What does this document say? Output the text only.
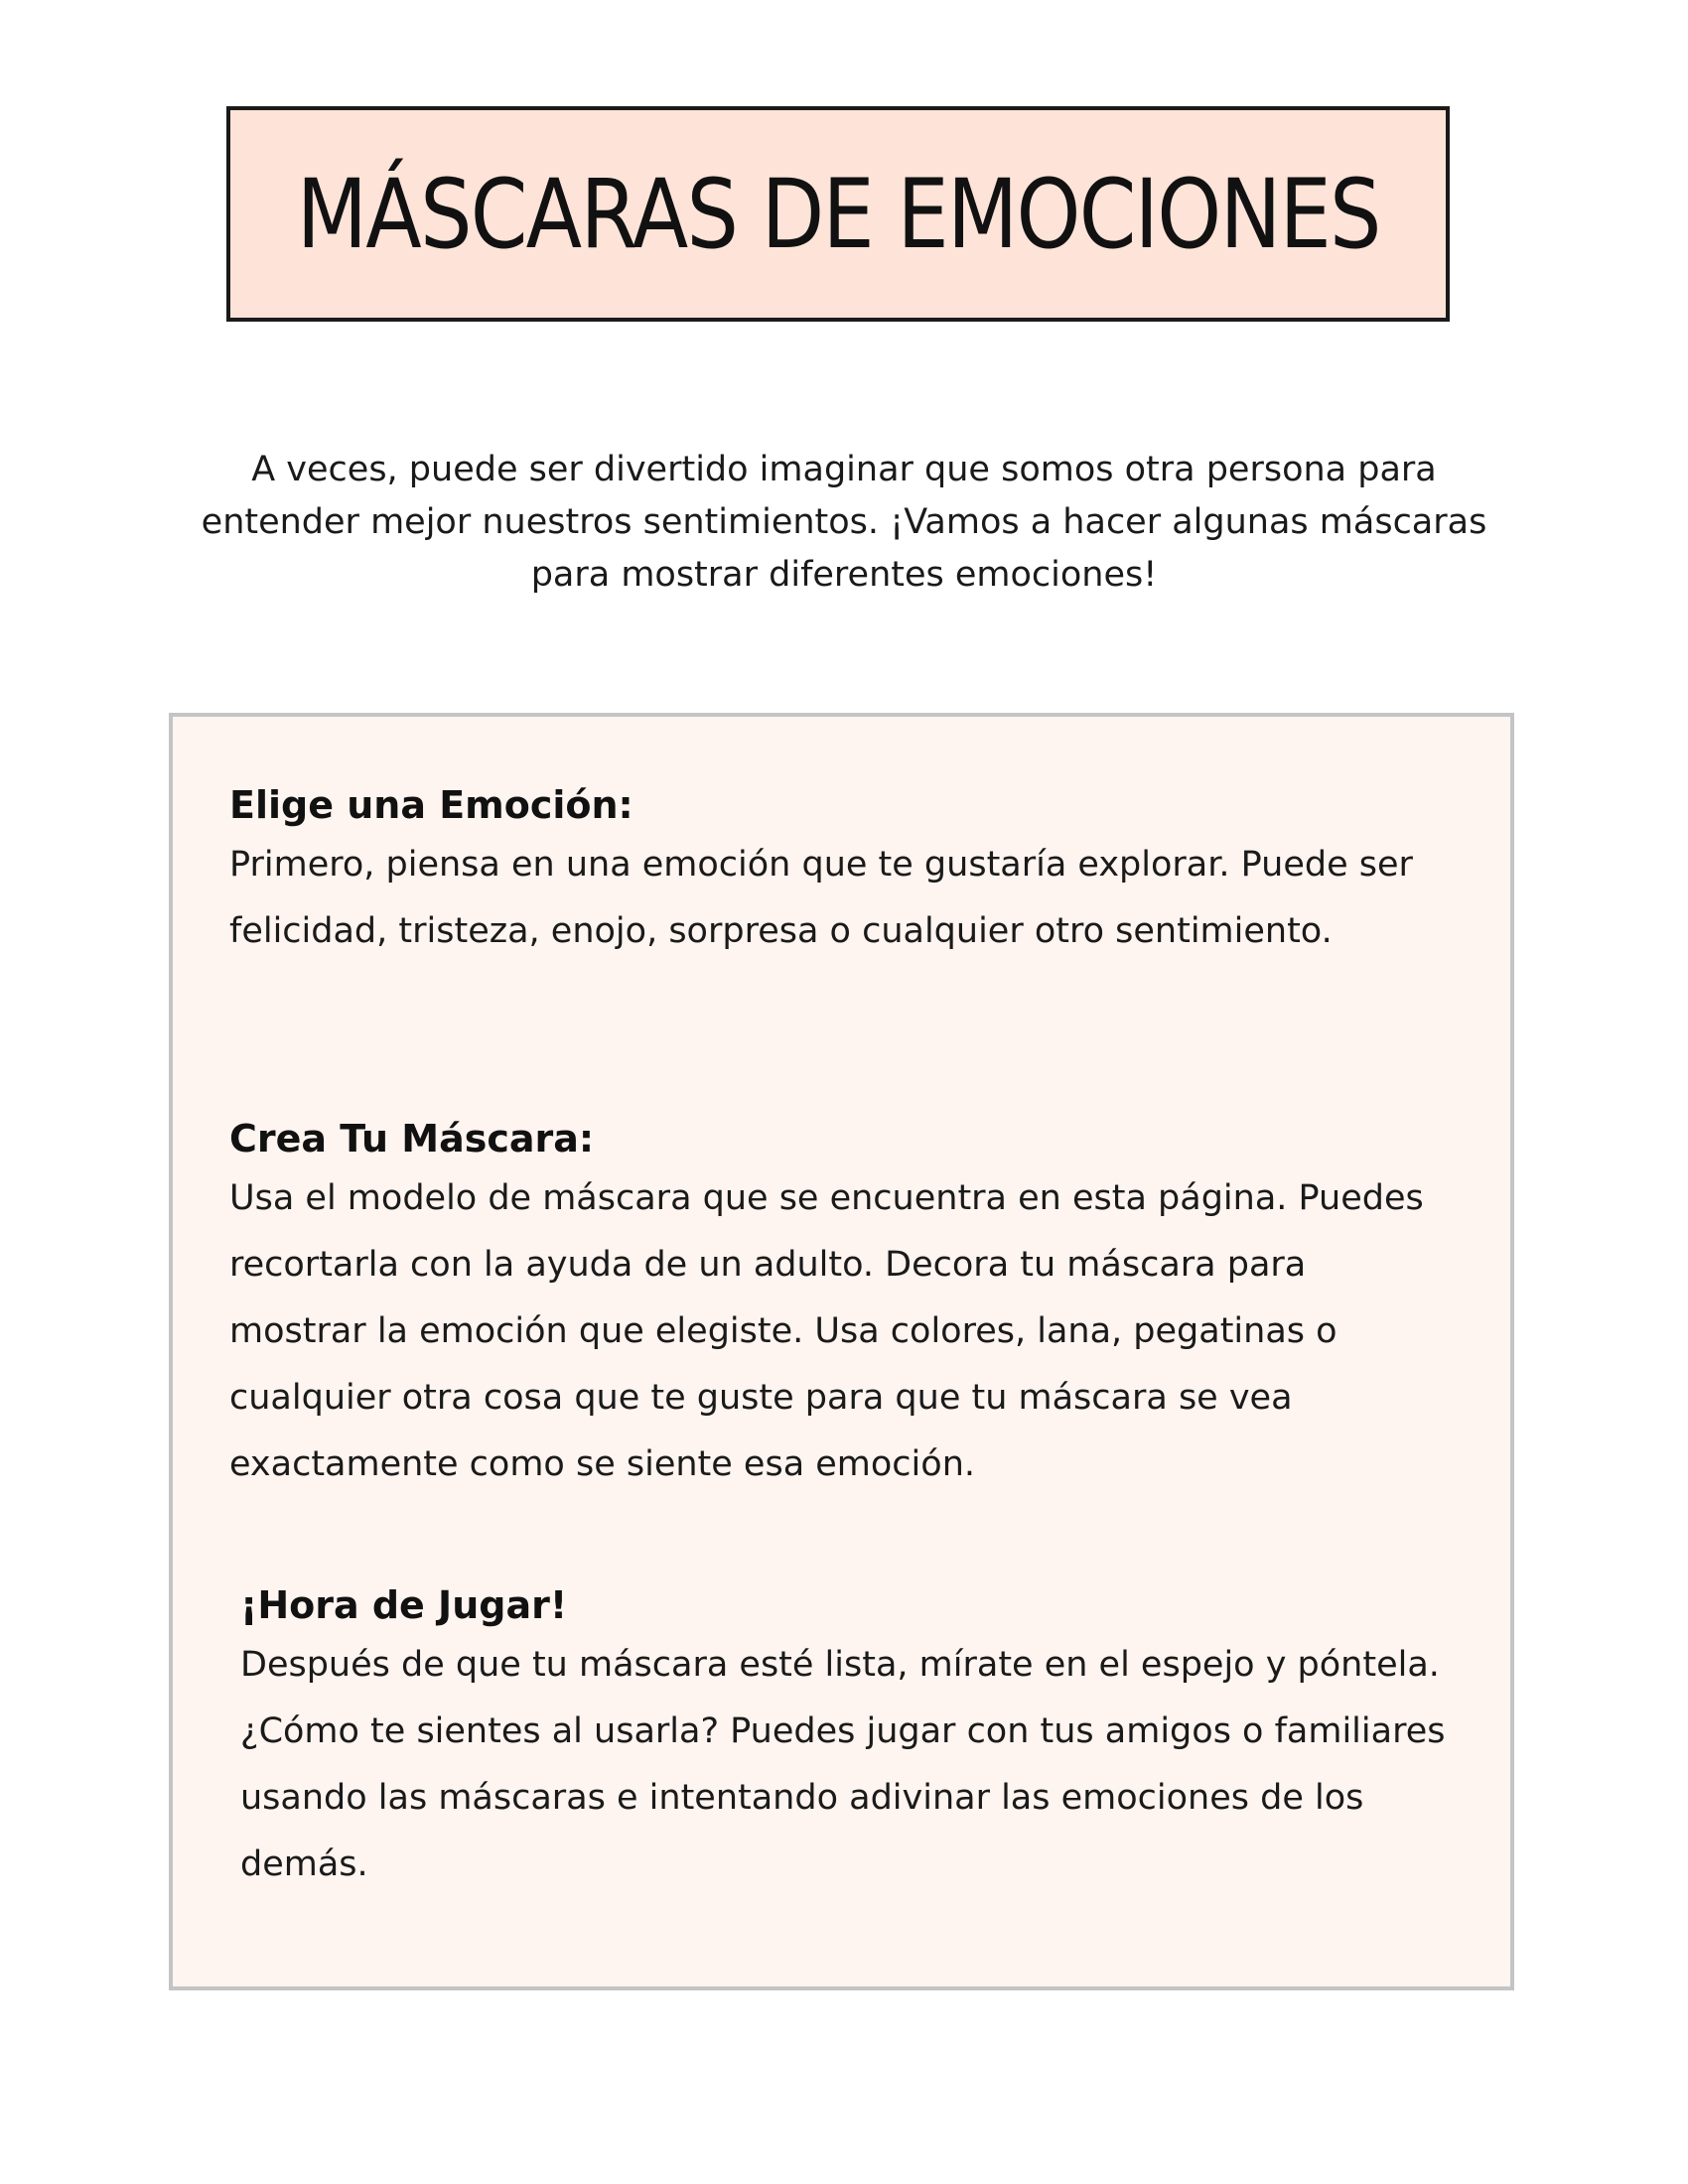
MÁSCARAS DE EMOCIONES

A veces, puede ser divertido imaginar que somos otra persona para entender mejor nuestros sentimientos. ¡Vamos a hacer algunas máscaras para mostrar diferentes emociones!

Elige una Emoción:

Primero, piensa en una emoción que te gustaría explorar. Puede ser felicidad, tristeza, enojo, sorpresa o cualquier otro sentimiento.

Crea Tu Máscara:

Usa el modelo de máscara que se encuentra en esta página. Puedes recortarla con la ayuda de un adulto. Decora tu máscara para mostrar la emoción que elegiste. Usa colores, lana, pegatinas o cualquier otra cosa que te guste para que tu máscara se vea exactamente como se siente esa emoción.

¡Hora de Jugar!

Después de que tu máscara esté lista, mírate en el espejo y póntela. ¿Cómo te sientes al usarla? Puedes jugar con tus amigos o familiares usando las máscaras e intentando adivinar las emociones de los demás.
